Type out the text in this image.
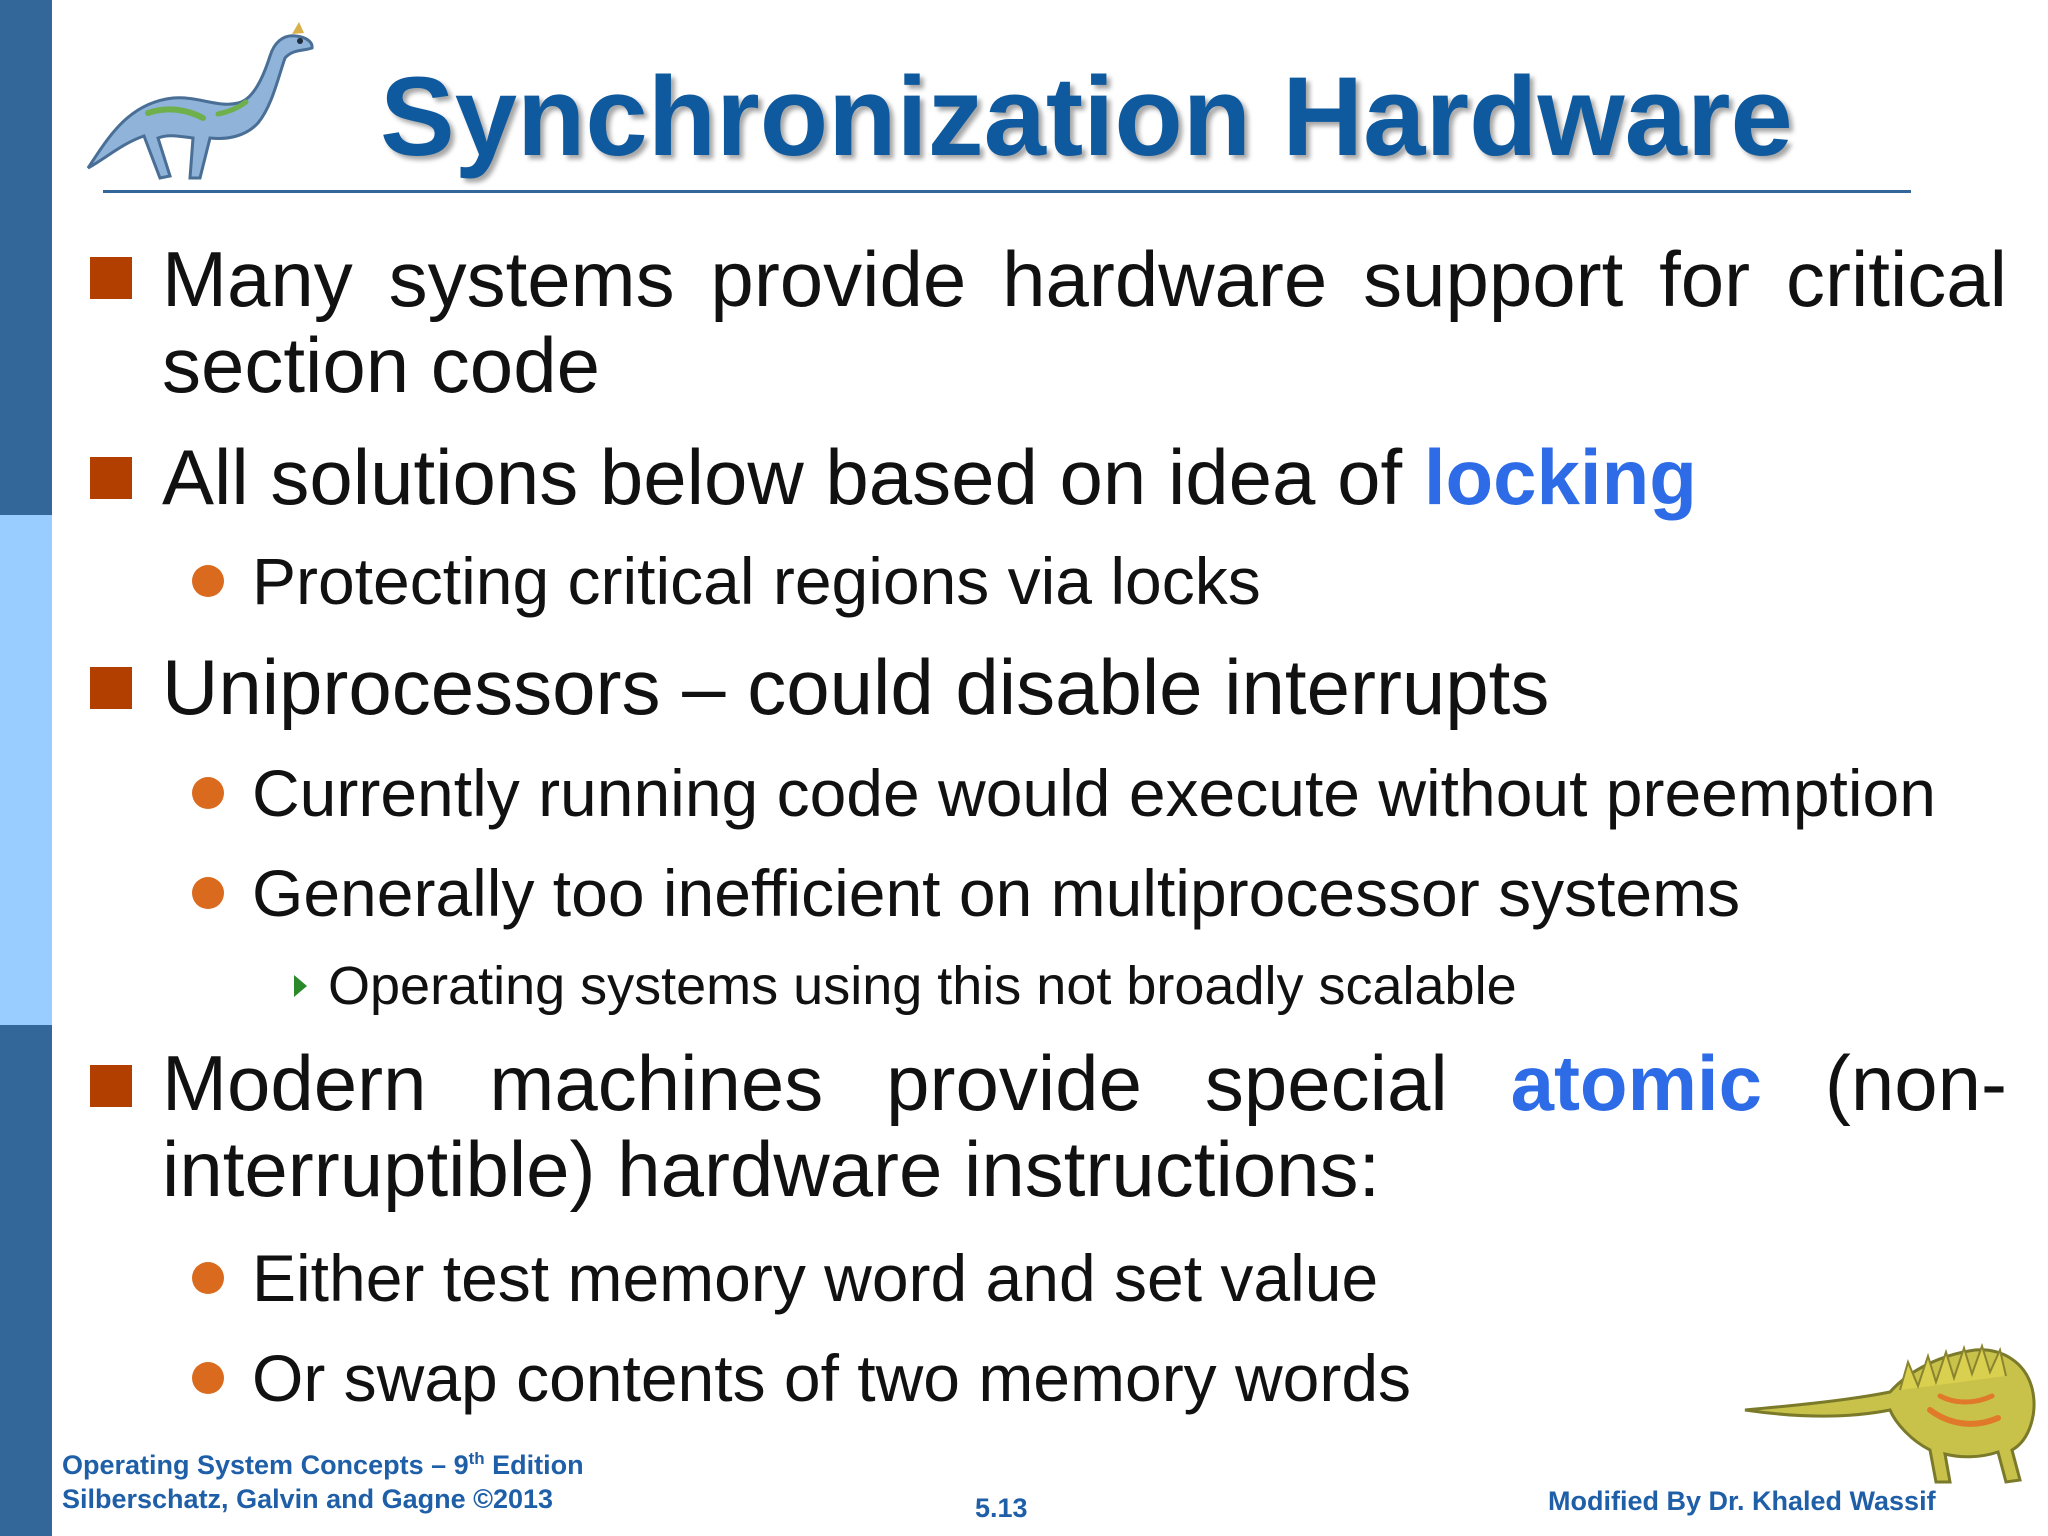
Synchronization Hardware
Many systems provide hardware support for critical section code
All solutions below based on idea of locking
Protecting critical regions via locks
Uniprocessors – could disable interrupts
Currently running code would execute without preemption
Generally too inefficient on multiprocessor systems
Operating systems using this not broadly scalable
Modern machines provide special atomic (non-interruptible) hardware instructions:
Either test memory word and set value
Or swap contents of two memory words
Operating System Concepts – 9th Edition
Silberschatz, Galvin and Gagne ©2013	5.13	Modified By Dr. Khaled Wassif
